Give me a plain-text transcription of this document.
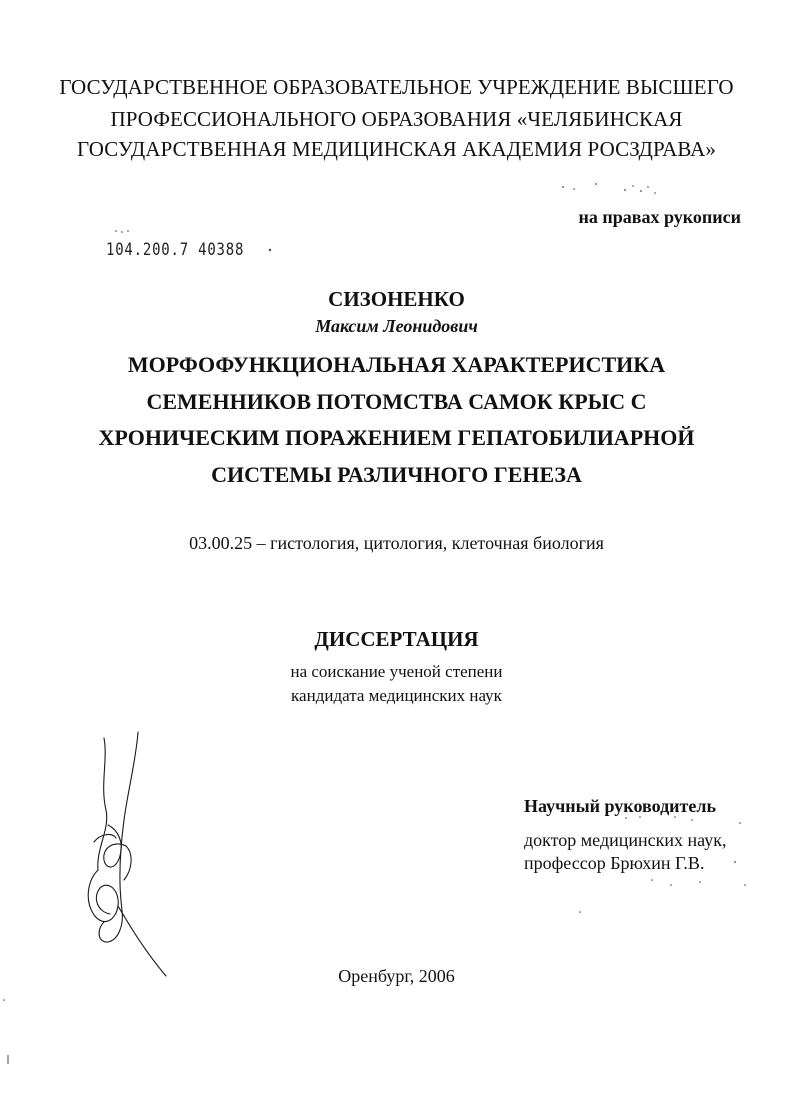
ГОСУДАРСТВЕННОЕ ОБРАЗОВАТЕЛЬНОЕ УЧРЕЖДЕНИЕ ВЫСШЕГО
ПРОФЕССИОНАЛЬНОГО ОБРАЗОВАНИЯ «ЧЕЛЯБИНСКАЯ
ГОСУДАРСТВЕННАЯ МЕДИЦИНСКАЯ АКАДЕМИЯ РОСЗДРАВА»
на правах рукописи
104.200.7 40388
СИЗОНЕНКО
Максим Леонидович
МОРФОФУНКЦИОНАЛЬНАЯ ХАРАКТЕРИСТИКА
СЕМЕННИКОВ ПОТОМСТВА САМОК КРЫС С
ХРОНИЧЕСКИМ ПОРАЖЕНИЕМ ГЕПАТОБИЛИАРНОЙ
СИСТЕМЫ РАЗЛИЧНОГО ГЕНЕЗА
03.00.25 – гистология, цитология, клеточная биология
ДИССЕРТАЦИЯ
на соискание ученой степени
кандидата медицинских наук
Научный руководитель
доктор медицинских наук,
профессор Брюхин Г.В.
Оренбург, 2006
